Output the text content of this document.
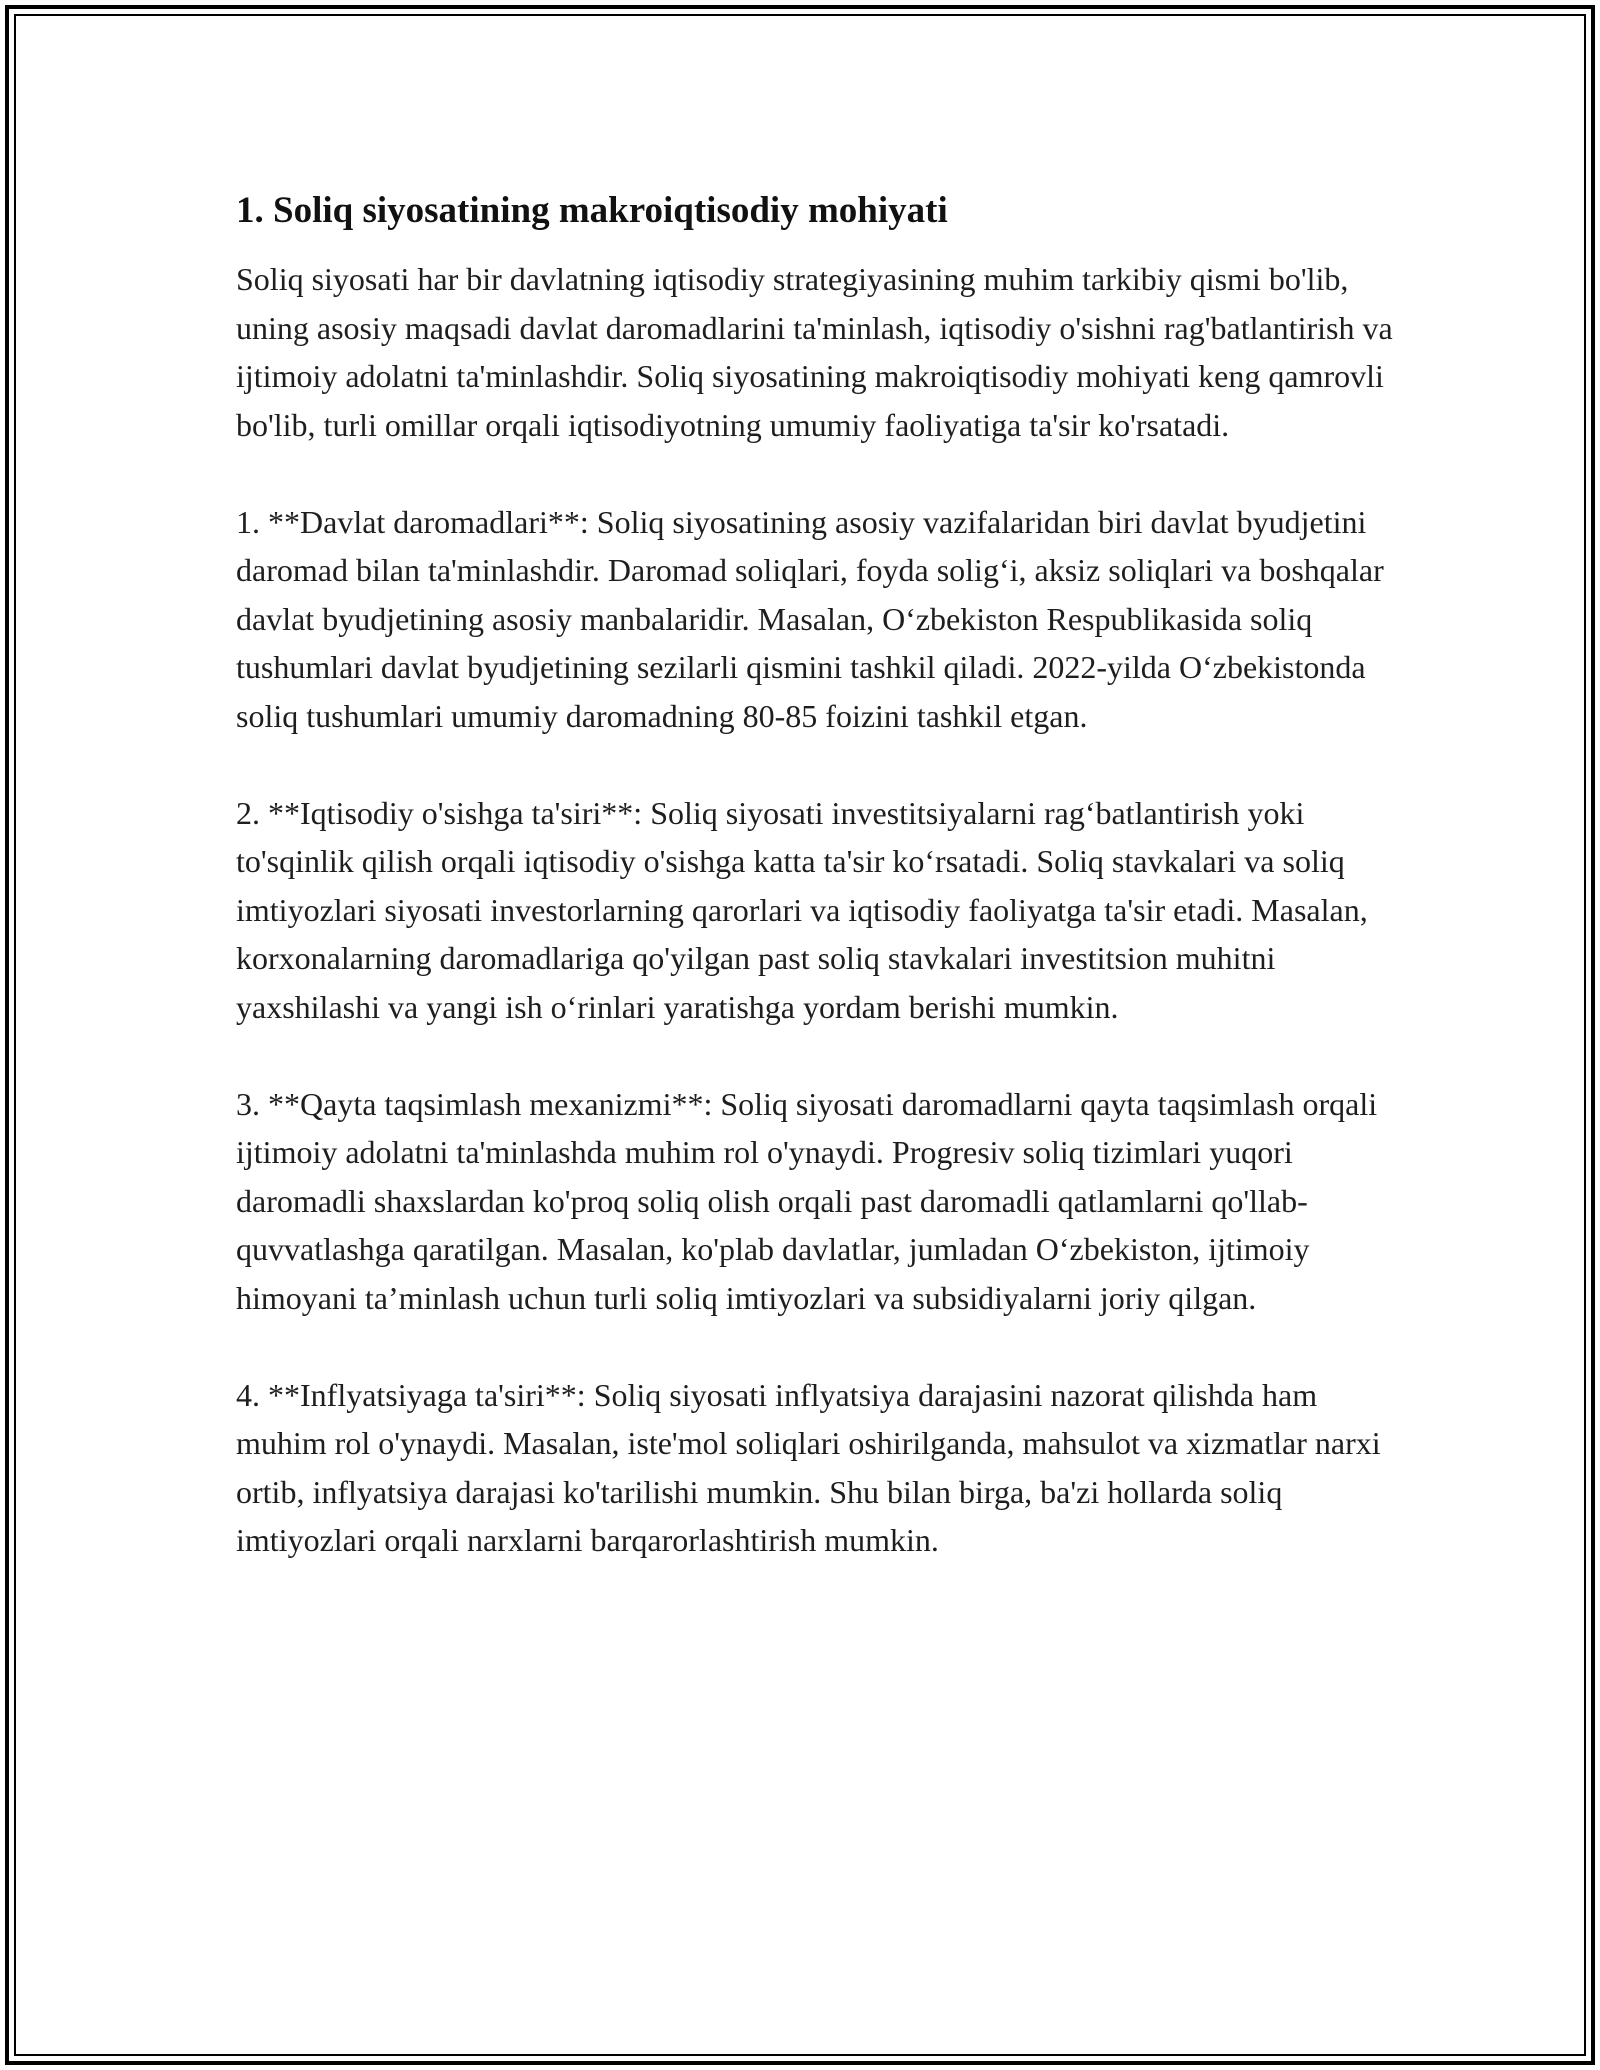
1. Soliq siyosatining makroiqtisodiy mohiyati

Soliq siyosati har bir davlatning iqtisodiy strategiyasining muhim tarkibiy qismi bo'lib, uning asosiy maqsadi davlat daromadlarini ta'minlash, iqtisodiy o'sishni rag'batlantirish va ijtimoiy adolatni ta'minlashdir. Soliq siyosatining makroiqtisodiy mohiyati keng qamrovli bo'lib, turli omillar orqali iqtisodiyotning umumiy faoliyatiga ta'sir ko'rsatadi.

1. **Davlat daromadlari**: Soliq siyosatining asosiy vazifalaridan biri davlat byudjetini daromad bilan ta'minlashdir. Daromad soliqlari, foyda solig‘i, aksiz soliqlari va boshqalar davlat byudjetining asosiy manbalaridir. Masalan, O‘zbekiston Respublikasida soliq tushumlari davlat byudjetining sezilarli qismini tashkil qiladi. 2022-yilda O‘zbekistonda soliq tushumlari umumiy daromadning 80-85 foizini tashkil etgan.

2. **Iqtisodiy o'sishga ta'siri**: Soliq siyosati investitsiyalarni rag‘batlantirish yoki to'sqinlik qilish orqali iqtisodiy o'sishga katta ta'sir ko‘rsatadi. Soliq stavkalari va soliq imtiyozlari siyosati investorlarning qarorlari va iqtisodiy faoliyatga ta'sir etadi. Masalan, korxonalarning daromadlariga qo'yilgan past soliq stavkalari investitsion muhitni yaxshilashi va yangi ish o‘rinlari yaratishga yordam berishi mumkin.

3. **Qayta taqsimlash mexanizmi**: Soliq siyosati daromadlarni qayta taqsimlash orqali ijtimoiy adolatni ta'minlashda muhim rol o'ynaydi. Progresiv soliq tizimlari yuqori daromadli shaxslardan ko'proq soliq olish orqali past daromadli qatlamlarni qo'llab-quvvatlashga qaratilgan. Masalan, ko'plab davlatlar, jumladan O‘zbekiston, ijtimoiy himoyani ta’minlash uchun turli soliq imtiyozlari va subsidiyalarni joriy qilgan.

4. **Inflyatsiyaga ta'siri**: Soliq siyosati inflyatsiya darajasini nazorat qilishda ham muhim rol o'ynaydi. Masalan, iste'mol soliqlari oshirilganda, mahsulot va xizmatlar narxi ortib, inflyatsiya darajasi ko'tarilishi mumkin. Shu bilan birga, ba'zi hollarda soliq imtiyozlari orqali narxlarni barqarorlashtirish mumkin.
